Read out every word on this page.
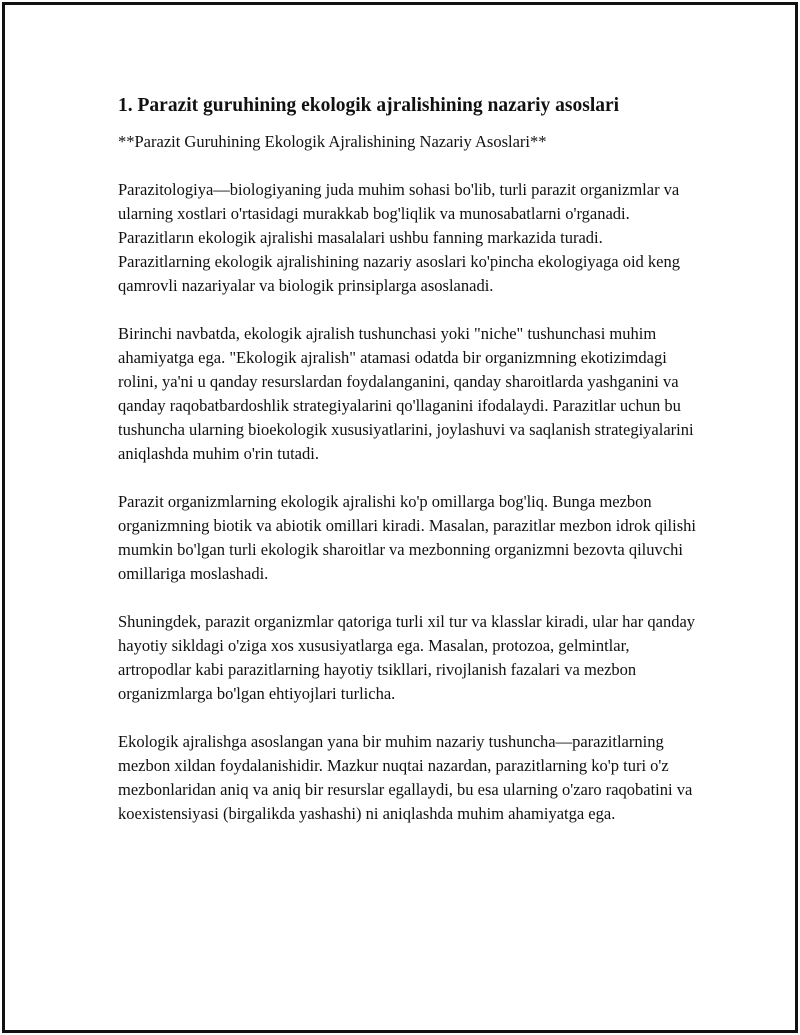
1. Parazit guruhining ekologik ajralishining nazariy asoslari

**Parazit Guruhining Ekologik Ajralishining Nazariy Asoslari**

Parazitologiya—biologiyaning juda muhim sohasi bo'lib, turli parazit organizmlar va ularning xostlari o'rtasidagi murakkab bog'liqlik va munosabatlarni o'rganadi. Parazitların ekologik ajralishi masalalari ushbu fanning markazida turadi. Parazitlarning ekologik ajralishining nazariy asoslari ko'pincha ekologiyaga oid keng qamrovli nazariyalar va biologik prinsiplarga asoslanadi.

Birinchi navbatda, ekologik ajralish tushunchasi yoki "niche" tushunchasi muhim ahamiyatga ega. "Ekologik ajralish" atamasi odatda bir organizmning ekotizimdagi rolini, ya'ni u qanday resurslardan foydalanganini, qanday sharoitlarda yashganini va qanday raqobatbardoshlik strategiyalarini qo'llaganini ifodalaydi. Parazitlar uchun bu tushuncha ularning bioekologik xususiyatlarini, joylashuvi va saqlanish strategiyalarini aniqlashda muhim o'rin tutadi.

Parazit organizmlarning ekologik ajralishi ko'p omillarga bog'liq. Bunga mezbon organizmning biotik va abiotik omillari kiradi. Masalan, parazitlar mezbon idrok qilishi mumkin bo'lgan turli ekologik sharoitlar va mezbonning organizmni bezovta qiluvchi omillariga moslashadi.

Shuningdek, parazit organizmlar qatoriga turli xil tur va klasslar kiradi, ular har qanday hayotiy sikldagi o'ziga xos xususiyatlarga ega. Masalan, protozoa, gelmintlar, artropodlar kabi parazitlarning hayotiy tsikllari, rivojlanish fazalari va mezbon organizmlarga bo'lgan ehtiyojlari turlicha.

Ekologik ajralishga asoslangan yana bir muhim nazariy tushuncha—parazitlarning mezbon xildan foydalanishidir. Mazkur nuqtai nazardan, parazitlarning ko'p turi o'z mezbonlaridan aniq va aniq bir resurslar egallaydi, bu esa ularning o'zaro raqobatini va koexistensiyasi (birgalikda yashashi) ni aniqlashda muhim ahamiyatga ega.
